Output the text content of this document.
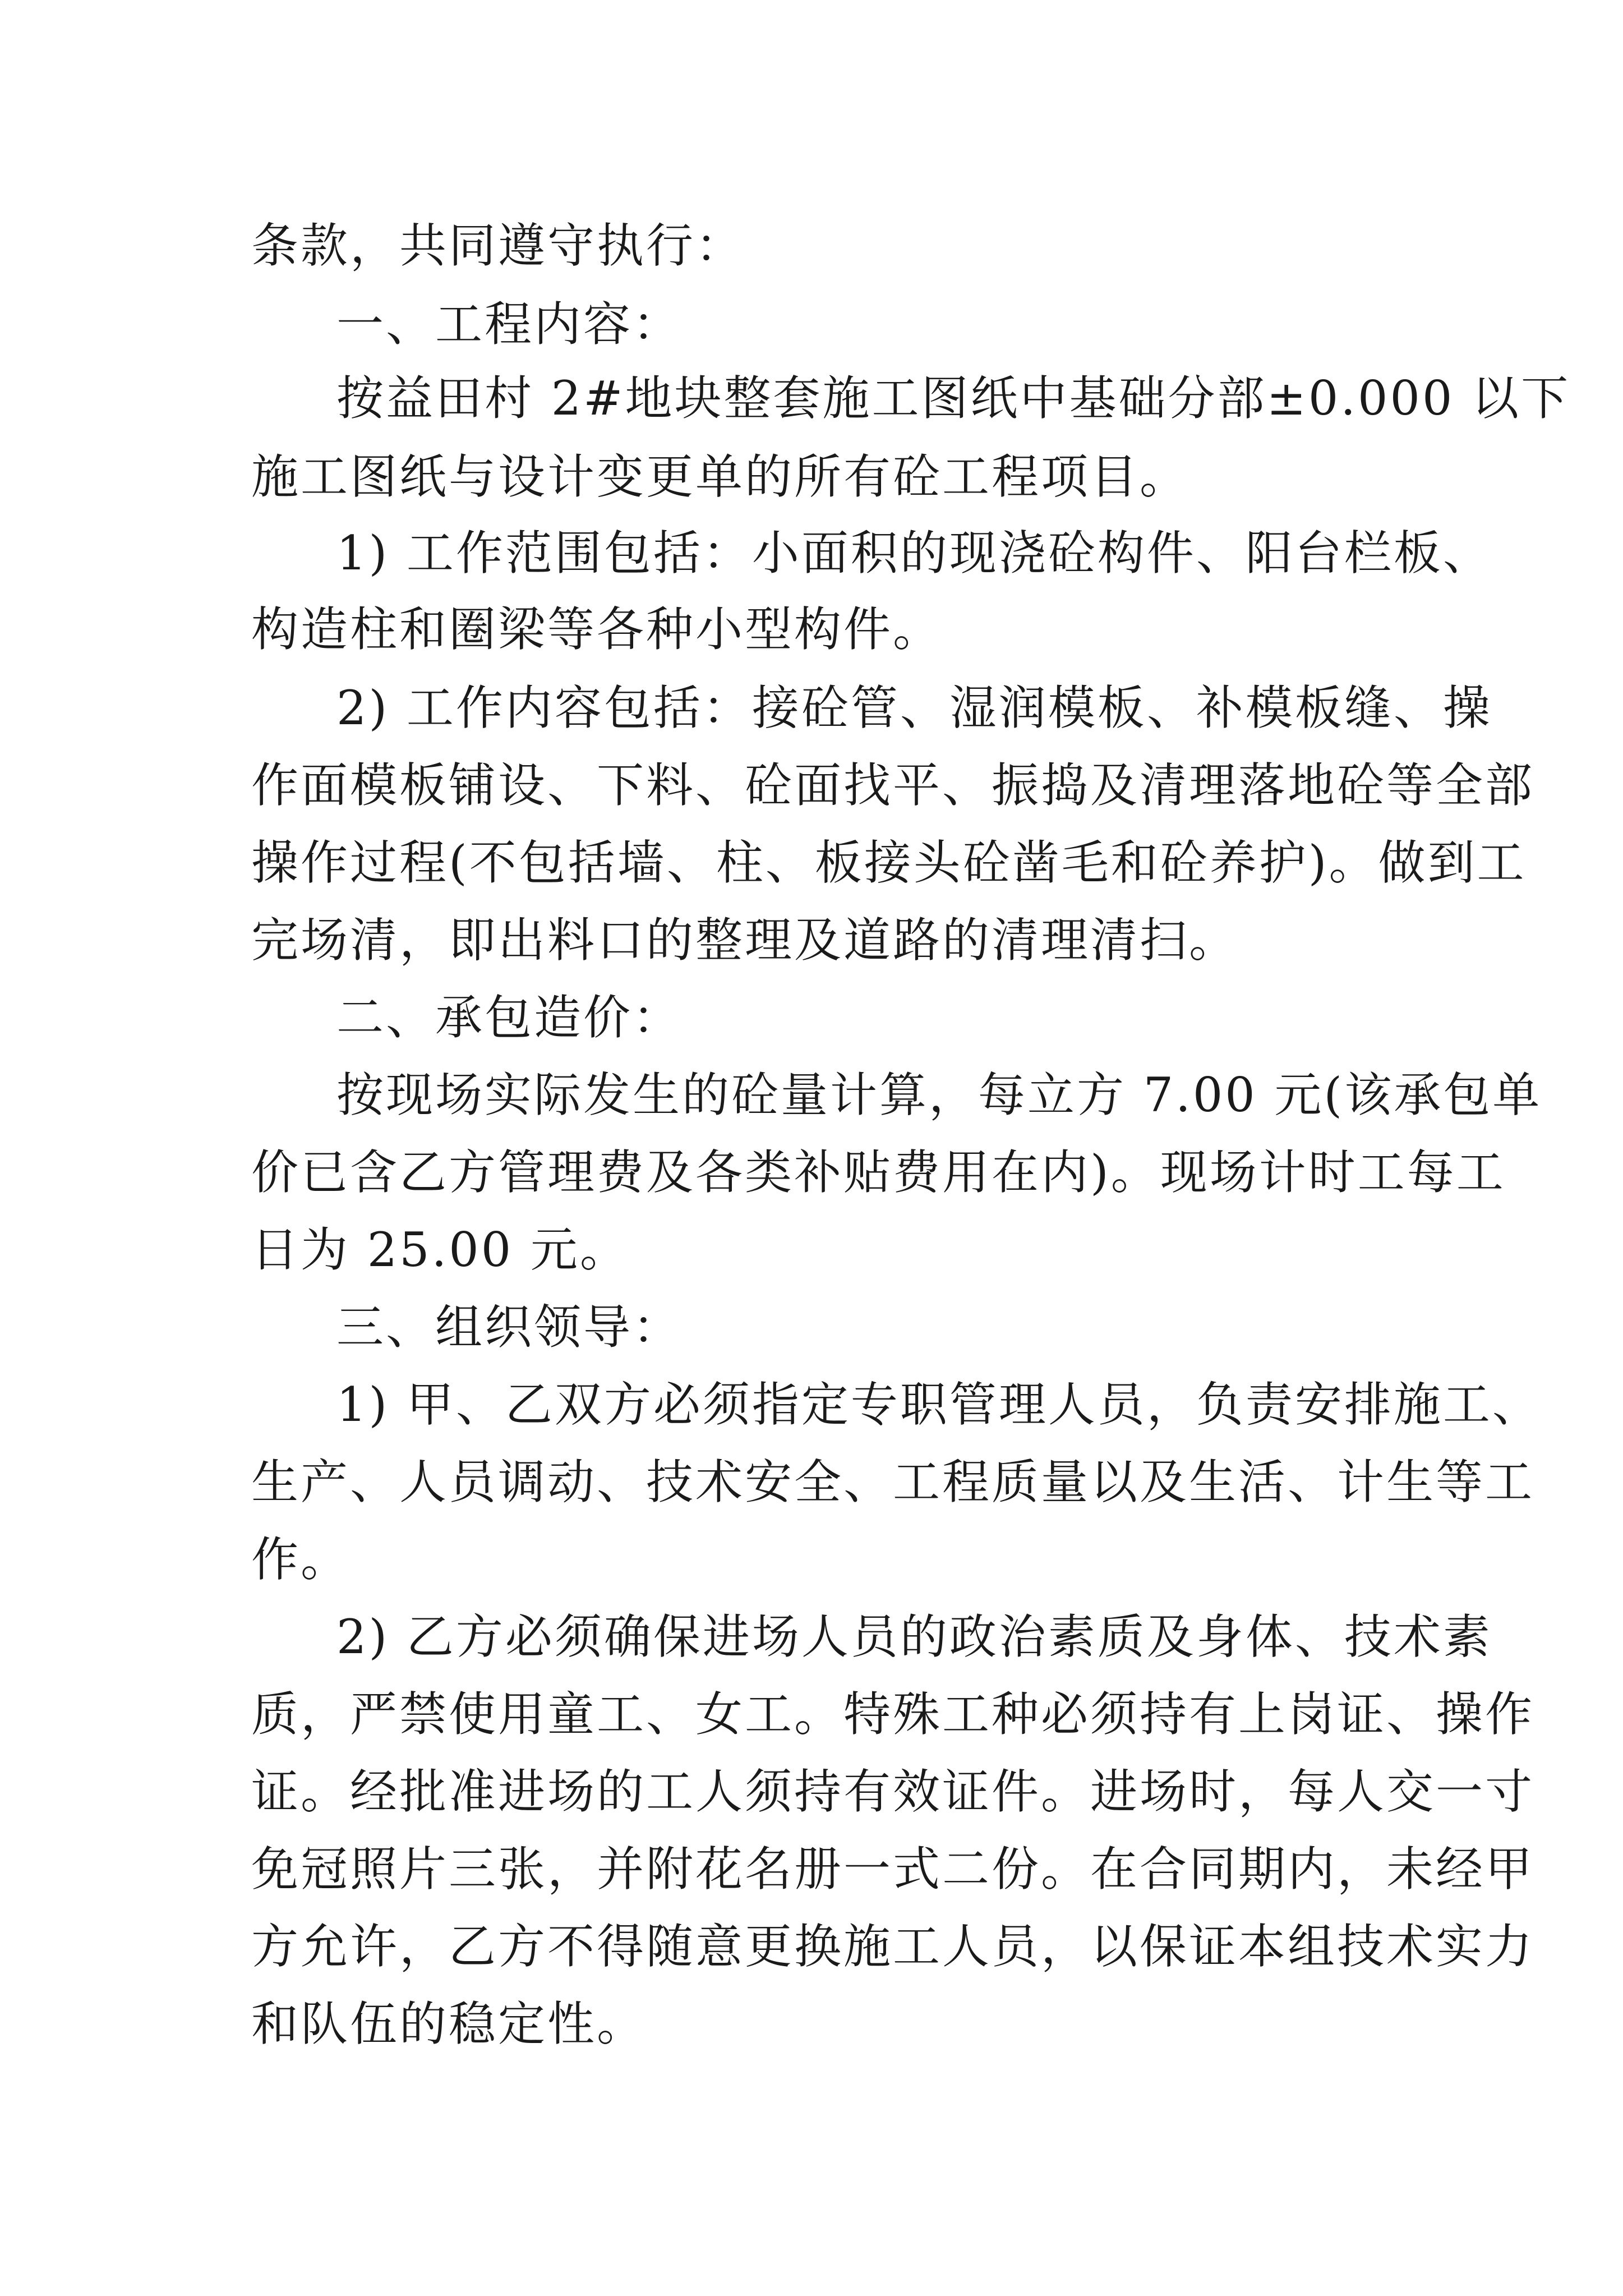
条款，共同遵守执行：
一、工程内容：
按益田村 2#地块整套施工图纸中基础分部±0.000 以下
施工图纸与设计变更单的所有砼工程项目。
1) 工作范围包括：小面积的现浇砼构件、阳台栏板、
构造柱和圈梁等各种小型构件。
2) 工作内容包括：接砼管、湿润模板、补模板缝、操
作面模板铺设、下料、砼面找平、振捣及清理落地砼等全部
操作过程(不包括墙、柱、板接头砼凿毛和砼养护)。做到工
完场清，即出料口的整理及道路的清理清扫。
二、承包造价：
按现场实际发生的砼量计算，每立方 7.00 元(该承包单
价已含乙方管理费及各类补贴费用在内)。现场计时工每工
日为 25.00 元。
三、组织领导：
1) 甲、乙双方必须指定专职管理人员，负责安排施工、
生产、人员调动、技术安全、工程质量以及生活、计生等工
作。
2) 乙方必须确保进场人员的政治素质及身体、技术素
质，严禁使用童工、女工。特殊工种必须持有上岗证、操作
证。经批准进场的工人须持有效证件。进场时，每人交一寸
免冠照片三张，并附花名册一式二份。在合同期内，未经甲
方允许，乙方不得随意更换施工人员，以保证本组技术实力
和队伍的稳定性。
